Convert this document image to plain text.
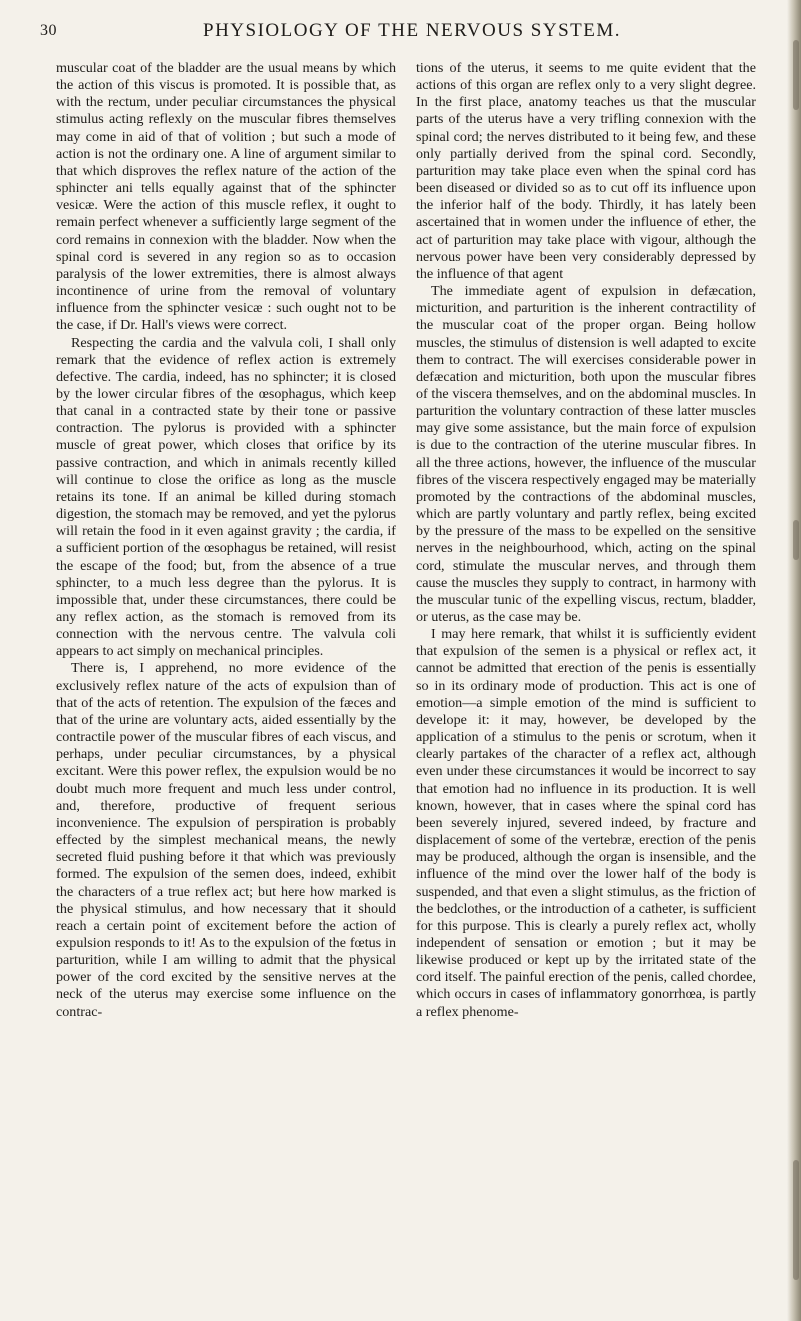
30	PHYSIOLOGY OF THE NERVOUS SYSTEM.

muscular coat of the bladder are the usual means by which the action of this viscus is promoted. It is possible that, as with the rectum, under peculiar circumstances the physical stimulus acting reflexly on the muscular fibres themselves may come in aid of that of volition ; but such a mode of action is not the ordinary one. A line of argument similar to that which disproves the reflex nature of the action of the sphincter ani tells equally against that of the sphincter vesicæ. Were the action of this muscle reflex, it ought to remain perfect whenever a sufficiently large segment of the cord remains in connexion with the bladder. Now when the spinal cord is severed in any region so as to occasion paralysis of the lower extremities, there is almost always incontinence of urine from the removal of voluntary influence from the sphincter vesicæ : such ought not to be the case, if Dr. Hall's views were correct.

Respecting the cardia and the valvula coli, I shall only remark that the evidence of reflex action is extremely defective. The cardia, indeed, has no sphincter; it is closed by the lower circular fibres of the œsophagus, which keep that canal in a contracted state by their tone or passive contraction. The pylorus is provided with a sphincter muscle of great power, which closes that orifice by its passive contraction, and which in animals recently killed will continue to close the orifice as long as the muscle retains its tone. If an animal be killed during stomach digestion, the stomach may be removed, and yet the pylorus will retain the food in it even against gravity ; the cardia, if a sufficient portion of the œsophagus be retained, will resist the escape of the food; but, from the absence of a true sphincter, to a much less degree than the pylorus. It is impossible that, under these circumstances, there could be any reflex action, as the stomach is removed from its connection with the nervous centre. The valvula coli appears to act simply on mechanical principles.

There is, I apprehend, no more evidence of the exclusively reflex nature of the acts of expulsion than of that of the acts of retention. The expulsion of the fæces and that of the urine are voluntary acts, aided essentially by the contractile power of the muscular fibres of each viscus, and perhaps, under peculiar circumstances, by a physical excitant. Were this power reflex, the expulsion would be no doubt much more frequent and much less under control, and, therefore, productive of frequent serious inconvenience. The expulsion of perspiration is probably effected by the simplest mechanical means, the newly secreted fluid pushing before it that which was previously formed. The expulsion of the semen does, indeed, exhibit the characters of a true reflex act; but here how marked is the physical stimulus, and how necessary that it should reach a certain point of excitement before the action of expulsion responds to it! As to the expulsion of the fœtus in parturition, while I am willing to admit that the physical power of the cord excited by the sensitive nerves at the neck of the uterus may exercise some influence on the contrac-

tions of the uterus, it seems to me quite evident that the actions of this organ are reflex only to a very slight degree. In the first place, anatomy teaches us that the muscular parts of the uterus have a very trifling connexion with the spinal cord; the nerves distributed to it being few, and these only partially derived from the spinal cord. Secondly, parturition may take place even when the spinal cord has been diseased or divided so as to cut off its influence upon the inferior half of the body. Thirdly, it has lately been ascertained that in women under the influence of ether, the act of parturition may take place with vigour, although the nervous power have been very considerably depressed by the influence of that agent

The immediate agent of expulsion in defæcation, micturition, and parturition is the inherent contractility of the muscular coat of the proper organ. Being hollow muscles, the stimulus of distension is well adapted to excite them to contract. The will exercises considerable power in defæcation and micturition, both upon the muscular fibres of the viscera themselves, and on the abdominal muscles. In parturition the voluntary contraction of these latter muscles may give some assistance, but the main force of expulsion is due to the contraction of the uterine muscular fibres. In all the three actions, however, the influence of the muscular fibres of the viscera respectively engaged may be materially promoted by the contractions of the abdominal muscles, which are partly voluntary and partly reflex, being excited by the pressure of the mass to be expelled on the sensitive nerves in the neighbourhood, which, acting on the spinal cord, stimulate the muscular nerves, and through them cause the muscles they supply to contract, in harmony with the muscular tunic of the expelling viscus, rectum, bladder, or uterus, as the case may be.

I may here remark, that whilst it is sufficiently evident that expulsion of the semen is a physical or reflex act, it cannot be admitted that erection of the penis is essentially so in its ordinary mode of production. This act is one of emotion—a simple emotion of the mind is sufficient to develope it: it may, however, be developed by the application of a stimulus to the penis or scrotum, when it clearly partakes of the character of a reflex act, although even under these circumstances it would be incorrect to say that emotion had no influence in its production. It is well known, however, that in cases where the spinal cord has been severely injured, severed indeed, by fracture and displacement of some of the vertebræ, erection of the penis may be produced, although the organ is insensible, and the influence of the mind over the lower half of the body is suspended, and that even a slight stimulus, as the friction of the bedclothes, or the introduction of a catheter, is sufficient for this purpose. This is clearly a purely reflex act, wholly independent of sensation or emotion ; but it may be likewise produced or kept up by the irritated state of the cord itself. The painful erection of the penis, called chordee, which occurs in cases of inflammatory gonorrhœa, is partly a reflex phenome-
